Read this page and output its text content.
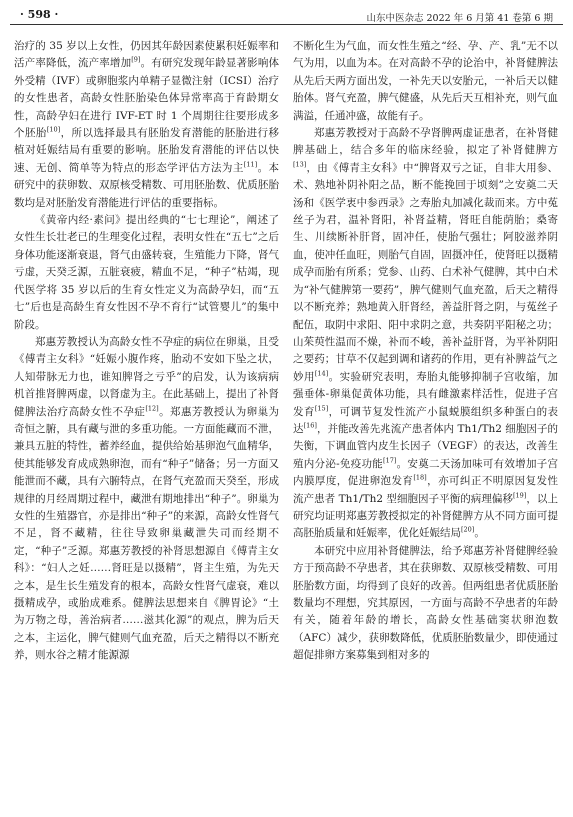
· 598 ·	山东中医杂志 2022 年 6 月第 41 卷第 6 期

治疗的 35 岁以上女性，仍因其年龄因素使累积妊娠率和活产率降低，流产率增加[9]。有研究发现年龄显著影响体外受精（IVF）或卵胞浆内单精子显微注射（ICSI）治疗的女性患者，高龄女性胚胎染色体异常率高于育龄期女性，高龄孕妇在进行 IVF-ET 时 1 个周期往往要形成多个胚胎[10]，所以选择最具有胚胎发育潜能的胚胎进行移植对妊娠结局有重要的影响。胚胎发育潜能的评估以快速、无创、简单等为特点的形态学评估方法为主[11]。本研究中的获卵数、双原核受精数、可用胚胎数、优质胚胎数均是对胚胎发育潜能进行评估的重要指标。

《黄帝内经·素问》提出经典的“七七理论”，阐述了女性生长壮老已的生理变化过程，表明女性在“五七”之后身体功能逐渐衰退，肾气由盛转衰，生殖能力下降，肾气亏虚，天癸乏源，五脏衰疲，精血不足，“种子”枯竭，现代医学将 35 岁以后的生育女性定义为高龄孕妇，而“五七”后也是高龄生育女性因不孕不育行“试管婴儿”的集中阶段。

郑惠芳教授认为高龄女性不孕症的病位在卵巢，且受《傅青主女科》“妊娠小腹作疼，胎动不安如下坠之状，人知带脉无力也，谁知脾肾之亏乎”的启发，认为该病病机首推肾脾两虚，以肾虚为主。在此基础上，提出了补肾健脾法治疗高龄女性不孕症[12]。郑惠芳教授认为卵巢为奇恒之腑，具有藏与泄的多重功能。一方面能藏而不泄，兼具五脏的特性，蓄养经血，提供给始基卵泡气血精华，使其能够发育成成熟卵泡，而有“种子”储备；另一方面又能泄而不藏，具有六腑特点，在肾气充盈而天癸至，形成规律的月经周期过程中，藏泄有期地排出“种子”。卵巢为女性的生殖器官，亦是排出“种子”的来源，高龄女性肾气不足，肾不藏精，往往导致卵巢藏泄失司而经期不定，“种子”乏源。郑惠芳教授的补肾思想源自《傅青主女科》：“妇人之妊……肾旺是以摄精”，肾主生殖，为先天之本，是生长生殖发育的根本，高龄女性肾气虚衰，难以摄精成孕，或胎成难系。健脾法思想来自《脾胃论》“土为万物之母，善治病者……滋其化源”的观点，脾为后天之本，主运化，脾气健则气血充盈，后天之精得以不断充养，则水谷之精才能源源

不断化生为气血，而女性生殖之“经、孕、产、乳”无不以气为用，以血为本。在对高龄不孕的论治中，补肾健脾法从先后天两方面出发，一补先天以安胎元，一补后天以健胎体。肾气充盈，脾气健盛，从先后天互相补充，则气血满溢，任通冲盛，故能有子。

郑惠芳教授对于高龄不孕肾脾两虚证患者，在补肾健脾基础上，结合多年的临床经验，拟定了补肾健脾方[13]，由《傅青主女科》中“脾肾双亏之证，自非大用参、术、熟地补阴补阳之品，断不能挽回于顷刻”之安奠二天汤和《医学衷中参西录》之寿胎丸加减化裁而来。方中菟丝子为君，温补肾阳，补肾益精，肾旺自能荫胎；桑寄生、川续断补肝肾，固冲任，使胎气强壮；阿胶滋养阴血，使冲任血旺，则胎气自固，固摄冲任，使肾旺以摄精成孕而胎有所系；党参、山药、白术补气健脾，其中白术为“补气健脾第一要药”，脾气健则气血充盈，后天之精得以不断充养；熟地黄入肝肾经，善益肝肾之阴，与菟丝子配伍，取阴中求阳、阳中求阴之意，共奏阴平阳秘之功；山茱萸性温而不燥，补而不峻，善补益肝肾，为平补阴阳之要药；甘草不仅起到调和诸药的作用，更有补脾益气之妙用[14]。实验研究表明，寿胎丸能够抑制子宫收缩，加强垂体-卵巢促黄体功能，具有雌激素样活性，促进子宫发育[15]，可调节复发性流产小鼠蜕膜组织多种蛋白的表达[16]，并能改善先兆流产患者体内 Th1/Th2 细胞因子的失衡，下调血管内皮生长因子（VEGF）的表达，改善生殖内分泌-免疫功能[17]。安奠二天汤加味可有效增加子宫内膜厚度，促进卵泡发育[18]，亦可纠正不明原因复发性流产患者 Th1/Th2 型细胞因子平衡的病理偏移[19]，以上研究均证明郑惠芳教授拟定的补肾健脾方从不同方面可提高胚胎质量和妊娠率，优化妊娠结局[20]。

本研究中应用补肾健脾法，给予郑惠芳补肾健脾经验方于预高龄不孕患者，其在获卵数、双原核受精数、可用胚胎数方面，均得到了良好的改善。但两组患者优质胚胎数量均不理想，究其原因，一方面与高龄不孕患者的年龄有关，随着年龄的增长，高龄女性基础窦状卵泡数（AFC）减少，获卵数降低，优质胚胎数量少，即使通过超促排卵方案募集到相对多的
